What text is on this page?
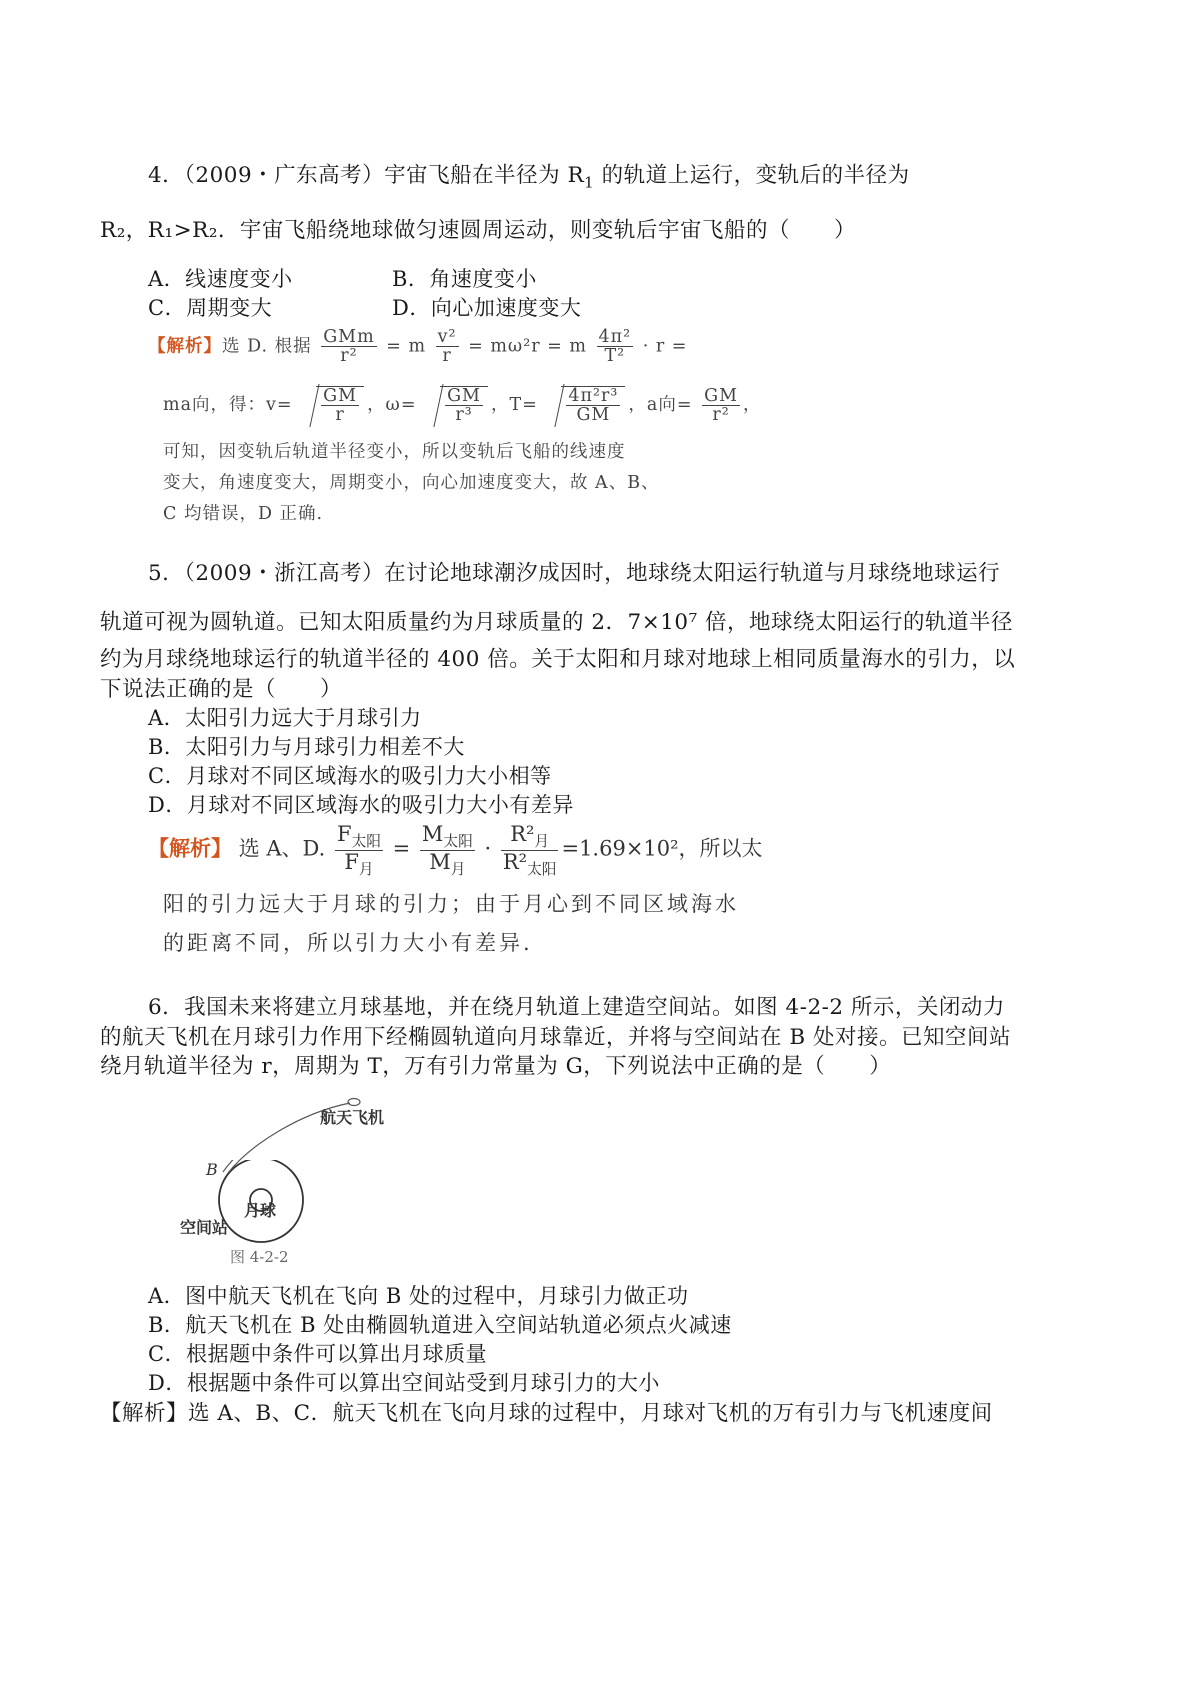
4．（2009・广东高考）宇宙飞船在半径为 $R_1$ 的轨道上运行，变轨后的半径为
R₂，R₁>R₂．宇宙飞船绕地球做匀速圆周运动，则变轨后宇宙飞船的（　　）
A．线速度变小	B．角速度变小
C．周期变大	D．向心加速度变大
【解析】选 D. 根据 $\frac{\text{GMm}}{\text{r²}} = m \frac{\text{v²}}{r} = m\omega^2r = m \frac{\text{4π²}}{\text{T²}} \cdot r$ =
ma向，得：$v= \frac{GM}{r}$ ，$\omega= \frac{GM}{\text{r³}}$ ，$T= \frac{\text{4π²r³}}{GM}$ ，a向= $\frac{GM}{\text{r²}}$ ，
可知，因变轨后轨道半径变小，所以变轨后飞船的线速度
变大，角速度变大，周期变小，向心加速度变大，故 A、B、
C 均错误，D 正确.
5．（2009・浙江高考）在讨论地球潮汐成因时，地球绕太阳运行轨道与月球绕地球运行
轨道可视为圆轨道。已知太阳质量约为月球质量的 2．7×10⁷ 倍，地球绕太阳运行的轨道半径
约为月球绕地球运行的轨道半径的 400 倍。关于太阳和月球对地球上相同质量海水的引力，以
下说法正确的是（　　）
A．太阳引力远大于月球引力
B．太阳引力与月球引力相差不大
C．月球对不同区域海水的吸引力大小相等
D．月球对不同区域海水的吸引力大小有差异
【解析】 选 A、D. $\frac{F_{太阳}}{F_月} = \frac{M_{太阳}}{M_月} \cdot \frac{R^2_月}{R^2_{太阳}} =1.69\times 10^2$，所以太
阳的引力远大于月球的引力；由于月心到不同区域海水
的距离不同，所以引力大小有差异.
6．我国未来将建立月球基地，并在绕月轨道上建造空间站。如图 4-2-2 所示，关闭动力
的航天飞机在月球引力作用下经椭圆轨道向月球靠近，并将与空间站在 B 处对接。已知空间站
绕月轨道半径为 r，周期为 T，万有引力常量为 G，下列说法中正确的是（　　）
航天飞机
B
月球
空间站
图 4-2-2
A．图中航天飞机在飞向 B 处的过程中，月球引力做正功
B．航天飞机在 B 处由椭圆轨道进入空间站轨道必须点火减速
C．根据题中条件可以算出月球质量
D．根据题中条件可以算出空间站受到月球引力的大小
【解析】选 A、B、C．航天飞机在飞向月球的过程中，月球对飞机的万有引力与飞机速度间
